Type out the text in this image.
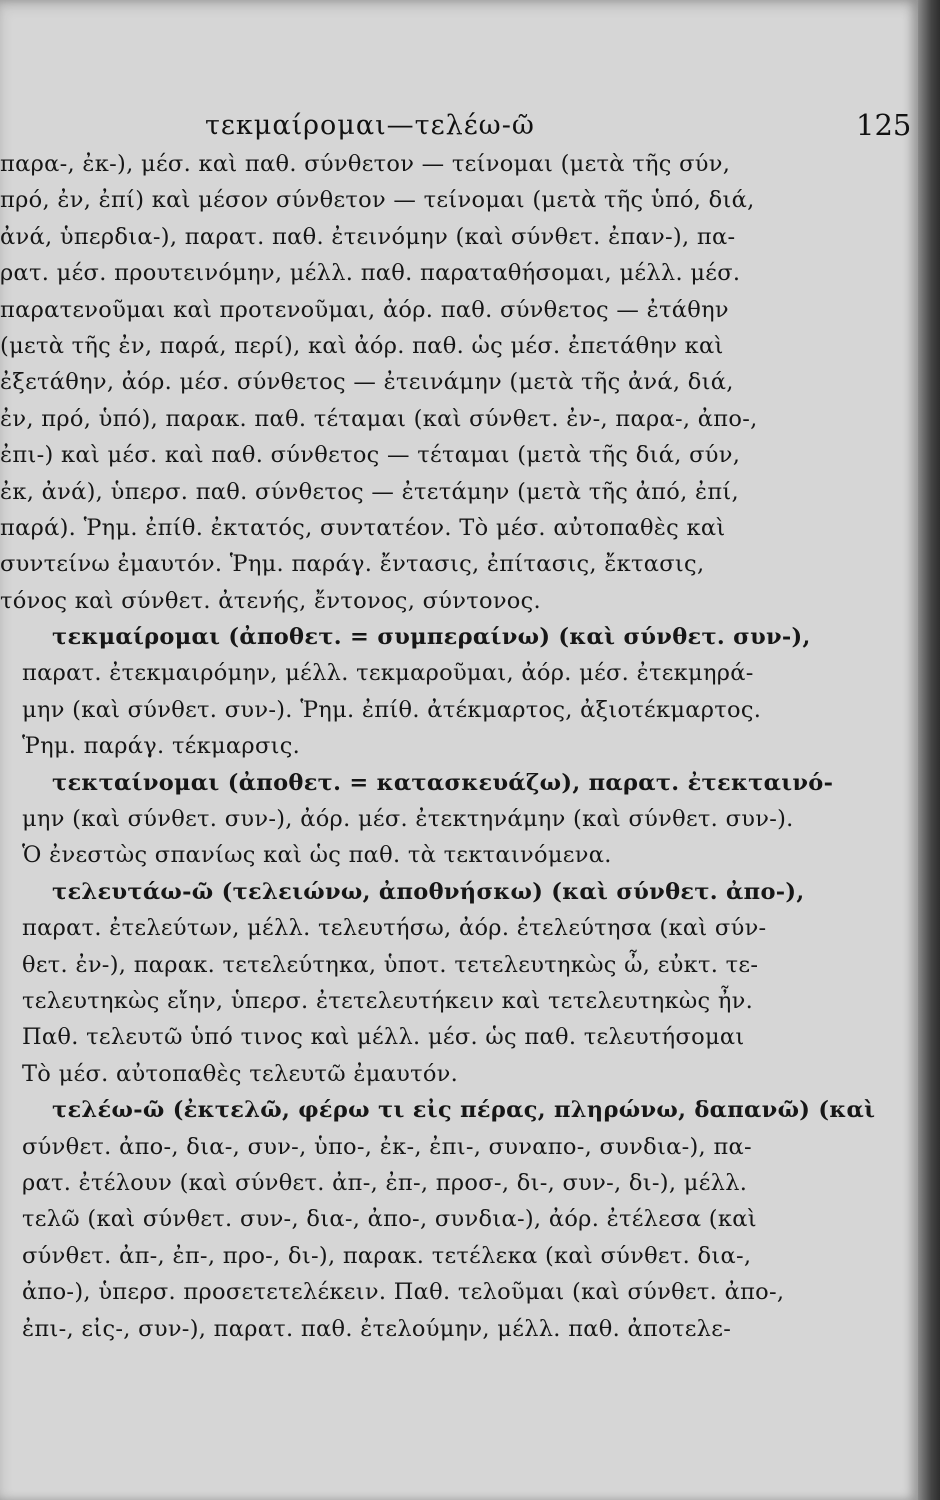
τεκμαίρομαι—τελέω-ῶ	125
παρα-, ἐκ-), μέσ. καὶ παθ. σύνθετον — τείνομαι (μετὰ τῆς σύν,
πρό, ἐν, ἐπί) καὶ μέσον σύνθετον — τείνομαι (μετὰ τῆς ὑπό, διά,
ἀνά, ὑπερδια-), παρατ. παθ. ἐτεινόμην (καὶ σύνθετ. ἐπαν-), πα-
ρατ. μέσ. προυτεινόμην, μέλλ. παθ. παραταθήσομαι, μέλλ. μέσ.
παρατενοῦμαι καὶ προτενοῦμαι, ἀόρ. παθ. σύνθετος — ἐτάθην
(μετὰ τῆς ἐν, παρά, περί), καὶ ἀόρ. παθ. ὡς μέσ. ἐπετάθην καὶ
ἐξετάθην, ἀόρ. μέσ. σύνθετος — ἐτεινάμην (μετὰ τῆς ἀνά, διά,
ἐν, πρό, ὑπό), παρακ. παθ. τέταμαι (καὶ σύνθετ. ἐν-, παρα-, ἀπο-,
ἐπι-) καὶ μέσ. καὶ παθ. σύνθετος — τέταμαι (μετὰ τῆς διά, σύν,
ἐκ, ἀνά), ὑπερσ. παθ. σύνθετος — ἐτετάμην (μετὰ τῆς ἀπό, ἐπί,
παρά). Ῥημ. ἐπίθ. ἐκτατός, συντατέον. Τὸ μέσ. αὐτοπαθὲς καὶ
συντείνω ἐμαυτόν. Ῥημ. παράγ. ἔντασις, ἐπίτασις, ἔκτασις,
τόνος καὶ σύνθετ. ἀτενής, ἔντονος, σύντονος.
τεκμαίρομαι (ἀποθετ. = συμπεραίνω) (καὶ σύνθετ. συν-),
παρατ. ἐτεκμαιρόμην, μέλλ. τεκμαροῦμαι, ἀόρ. μέσ. ἐτεκμηρά-
μην (καὶ σύνθετ. συν-). Ῥημ. ἐπίθ. ἀτέκμαρτος, ἀξιοτέκμαρτος.
Ῥημ. παράγ. τέκμαρσις.
τεκταίνομαι (ἀποθετ. = κατασκευάζω), παρατ. ἐτεκταινό-
μην (καὶ σύνθετ. συν-), ἀόρ. μέσ. ἐτεκτηνάμην (καὶ σύνθετ. συν-).
Ὁ ἐνεστὼς σπανίως καὶ ὡς παθ. τὰ τεκταινόμενα.
τελευτάω-ῶ (τελειώνω, ἀποθνήσκω) (καὶ σύνθετ. ἀπο-),
παρατ. ἐτελεύτων, μέλλ. τελευτήσω, ἀόρ. ἐτελεύτησα (καὶ σύν-
θετ. ἐν-), παρακ. τετελεύτηκα, ὑποτ. τετελευτηκὼς ὦ, εὐκτ. τε-
τελευτηκὼς εἴην, ὑπερσ. ἐτετελευτήκειν καὶ τετελευτηκὼς ἦν.
Παθ. τελευτῶ ὑπό τινος καὶ μέλλ. μέσ. ὡς παθ. τελευτήσομαι
Τὸ μέσ. αὐτοπαθὲς τελευτῶ ἐμαυτόν.
τελέω-ῶ (ἐκτελῶ, φέρω τι εἰς πέρας, πληρώνω, δαπανῶ) (καὶ
σύνθετ. ἀπο-, δια-, συν-, ὑπο-, ἐκ-, ἐπι-, συναπο-, συνδια-), πα-
ρατ. ἐτέλουν (καὶ σύνθετ. ἀπ-, ἐπ-, προσ-, δι-, συν-, δι-), μέλλ.
τελῶ (καὶ σύνθετ. συν-, δια-, ἀπο-, συνδια-), ἀόρ. ἐτέλεσα (καὶ
σύνθετ. ἀπ-, ἐπ-, προ-, δι-), παρακ. τετέλεκα (καὶ σύνθετ. δια-,
ἀπο-), ὑπερσ. προσετετελέκειν. Παθ. τελοῦμαι (καὶ σύνθετ. ἀπο-,
ἐπι-, εἰς-, συν-), παρατ. παθ. ἐτελούμην, μέλλ. παθ. ἀποτελε-
